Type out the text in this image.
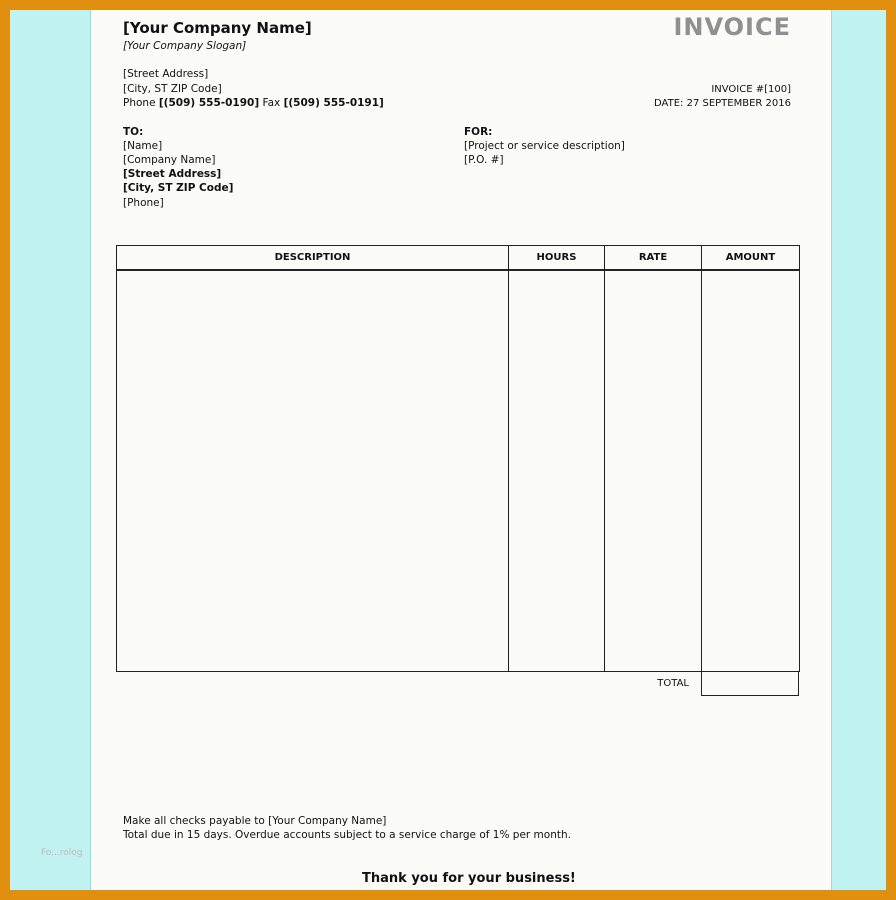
[Your Company Name]
[Your Company Slogan]
[Street Address]
[City, ST ZIP Code]
Phone [(509) 555-0190] Fax [(509) 555-0191]
INVOICE
INVOICE #[100]
DATE: 27 SEPTEMBER 2016
TO:
[Name]
[Company Name]
[Street Address]
[City, ST ZIP Code]
[Phone]
FOR:
[Project or service description]
[P.O. #]
DESCRIPTION	HOURS	RATE	AMOUNT

TOTAL
Make all checks payable to [Your Company Name]
Total due in 15 days. Overdue accounts subject to a service charge of 1% per month.
Fo...rolog
Thank you for your business!
